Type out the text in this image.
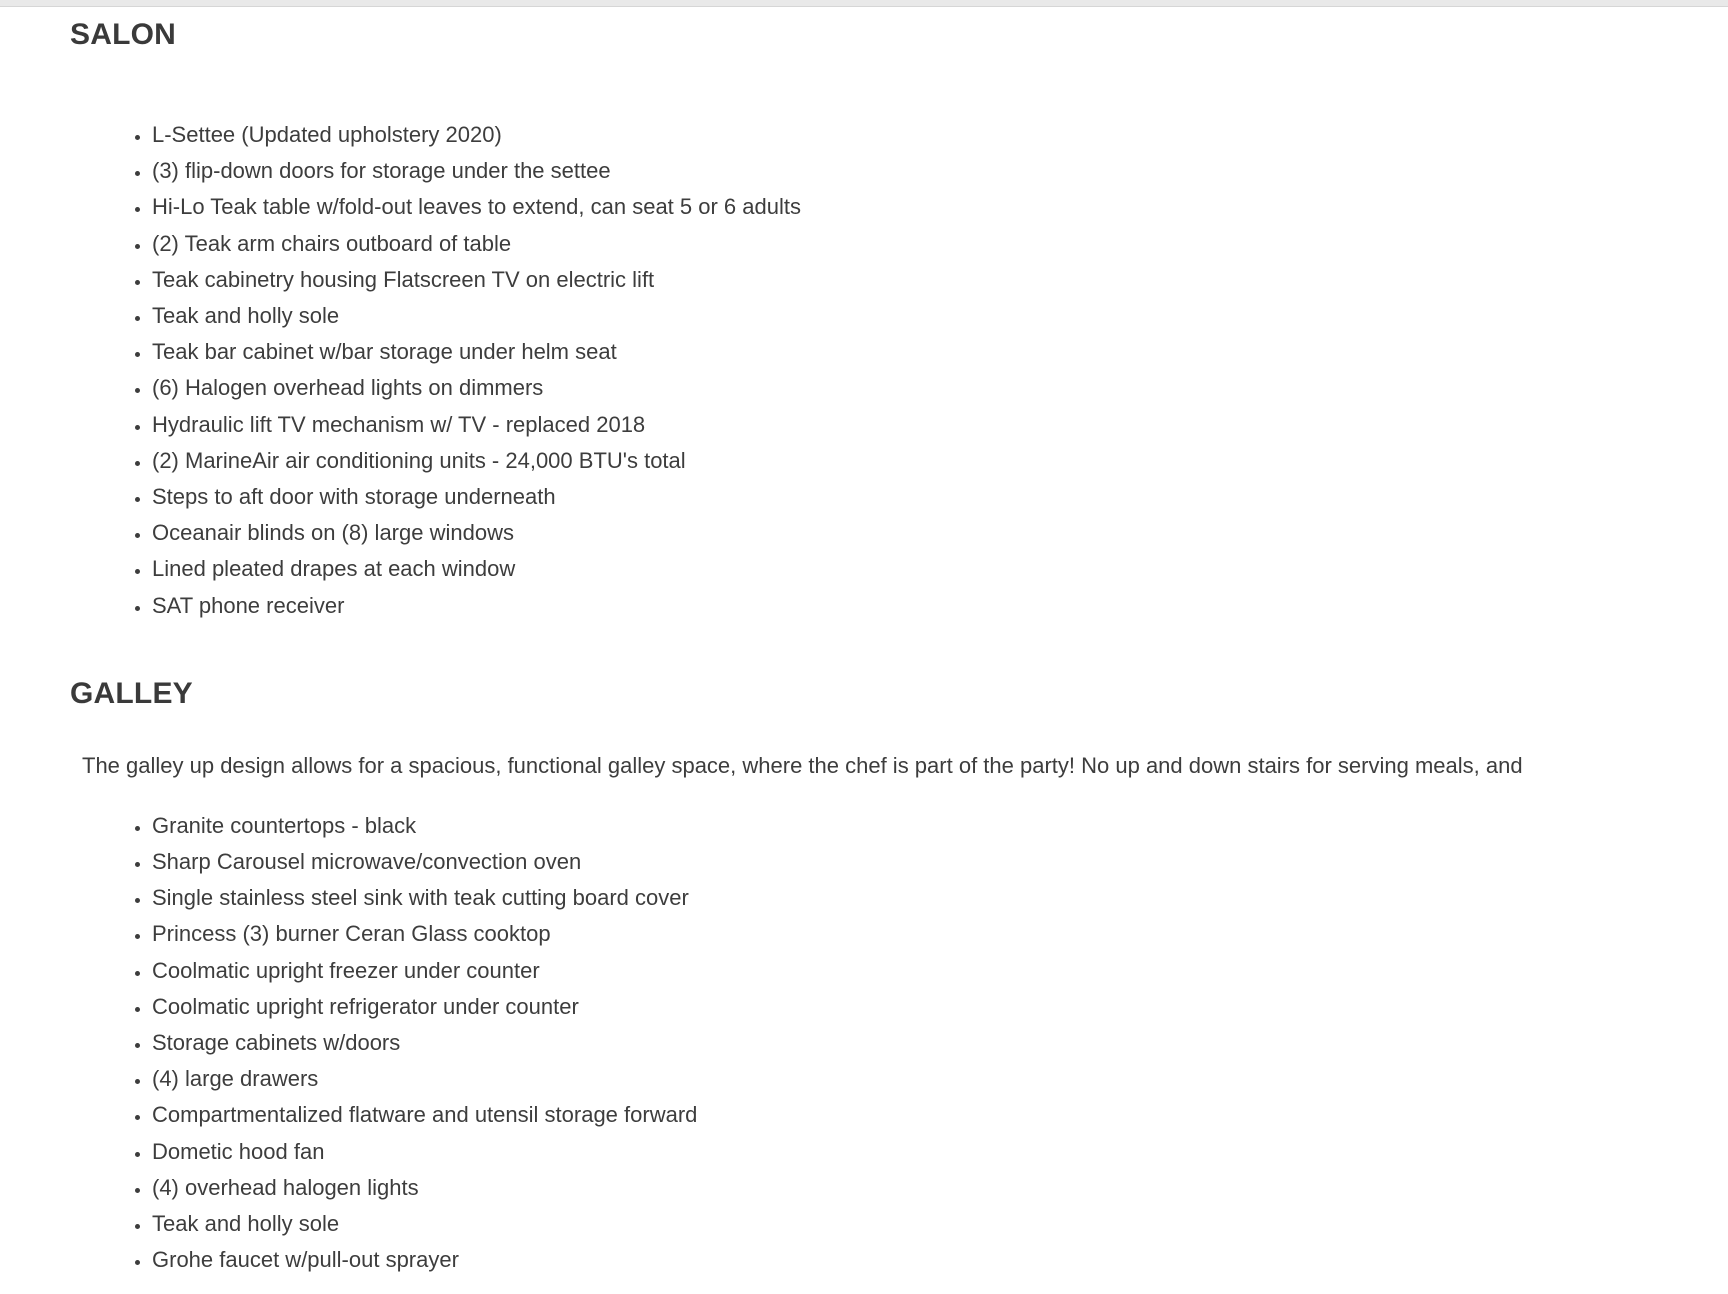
SALON
• L-Settee (Updated upholstery 2020)
• (3) flip-down doors for storage under the settee
• Hi-Lo Teak table w/fold-out leaves to extend, can seat 5 or 6 adults
• (2) Teak arm chairs outboard of table
• Teak cabinetry housing Flatscreen TV on electric lift
• Teak and holly sole
• Teak bar cabinet w/bar storage under helm seat
• (6) Halogen overhead lights on dimmers
• Hydraulic lift TV mechanism w/ TV - replaced 2018
• (2) MarineAir air conditioning units - 24,000 BTU's total
• Steps to aft door with storage underneath
• Oceanair blinds on (8) large windows
• Lined pleated drapes at each window
• SAT phone receiver
GALLEY

The galley up design allows for a spacious, functional galley space, where the chef is part of the party! No up and down stairs for serving meals, and

• Granite countertops - black
• Sharp Carousel microwave/convection oven
• Single stainless steel sink with teak cutting board cover
• Princess (3) burner Ceran Glass cooktop
• Coolmatic upright freezer under counter
• Coolmatic upright refrigerator under counter
• Storage cabinets w/doors
• (4) large drawers
• Compartmentalized flatware and utensil storage forward
• Dometic hood fan
• (4) overhead halogen lights
• Teak and holly sole
• Grohe faucet w/pull-out sprayer
